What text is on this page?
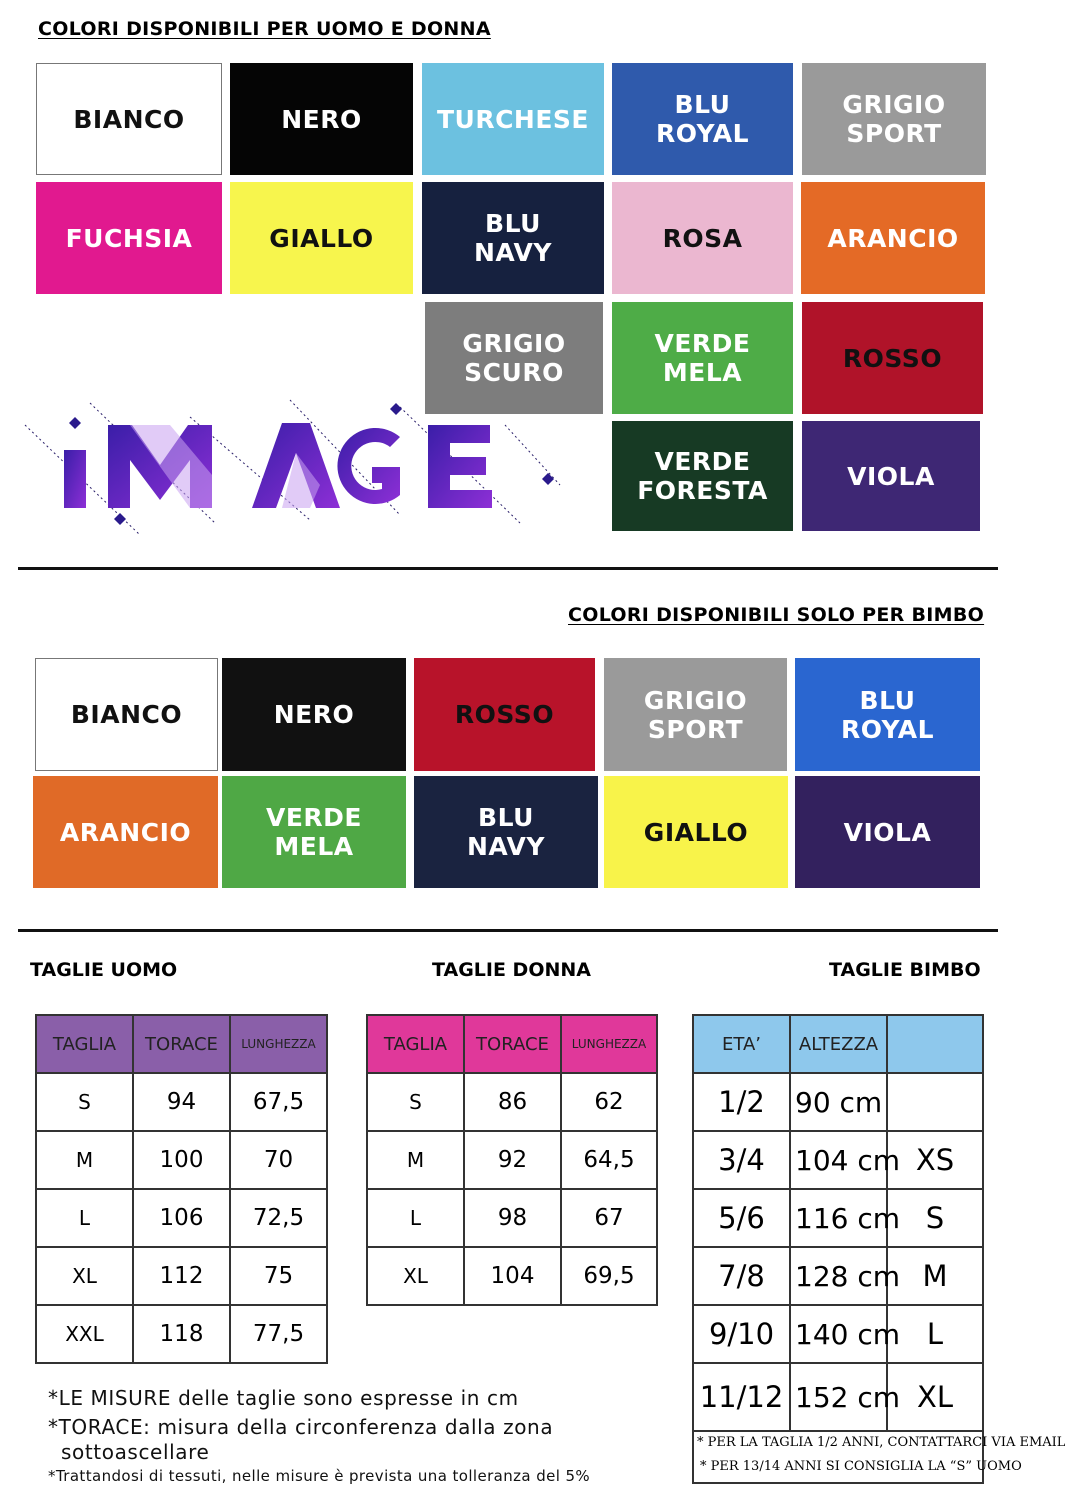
COLORI DISPONIBILI PER UOMO E DONNA
BIANCO	NERO	TURCHESE	BLU
ROYAL
GRIGIO
SPORT
FUCHSIA	GIALLO	BLU
NAVY	ROSA	ARANCIO
GRIGIO
SCURO
VERDE
MELA	ROSSO
VERDE
FORESTA	VIOLA
COLORI DISPONIBILI SOLO PER BIMBO
BIANCO	NERO	ROSSO	GRIGIO
SPORT
BLU
ROYAL
ARANCIO	VERDE
MELA
BLU
NAVY	GIALLO	VIOLA
TAGLIE UOMO	TAGLIE DONNA	TAGLIE BIMBO
TAGLIA	TORACE	LUNGHEZZA
S	94	67,5
M	100	70
L	106	72,5
XL	112	75
XXL	118	77,5
TAGLIA	TORACE	LUNGHEZZA
S	86	62
M	92	64,5
L	98	67
XL	104	69,5
ETA’	ALTEZZA	
1/2	90 cm	
3/4	104 cm	XS
5/6	116 cm	S
7/8	128 cm	M
9/10	140 cm	L
11/12	152 cm	XL

* PER LA TAGLIA 1/2 ANNI, CONTATTARCI VIA EMAIL
* PER 13/14 ANNI SI CONSIGLIA LA “S” UOMO		
*LE MISURE delle taglie sono espresse in cm
*TORACE: misura della circonferenza dalla zona
sottoascellare
*Trattandosi di tessuti, nelle misure è prevista una tolleranza del 5%
